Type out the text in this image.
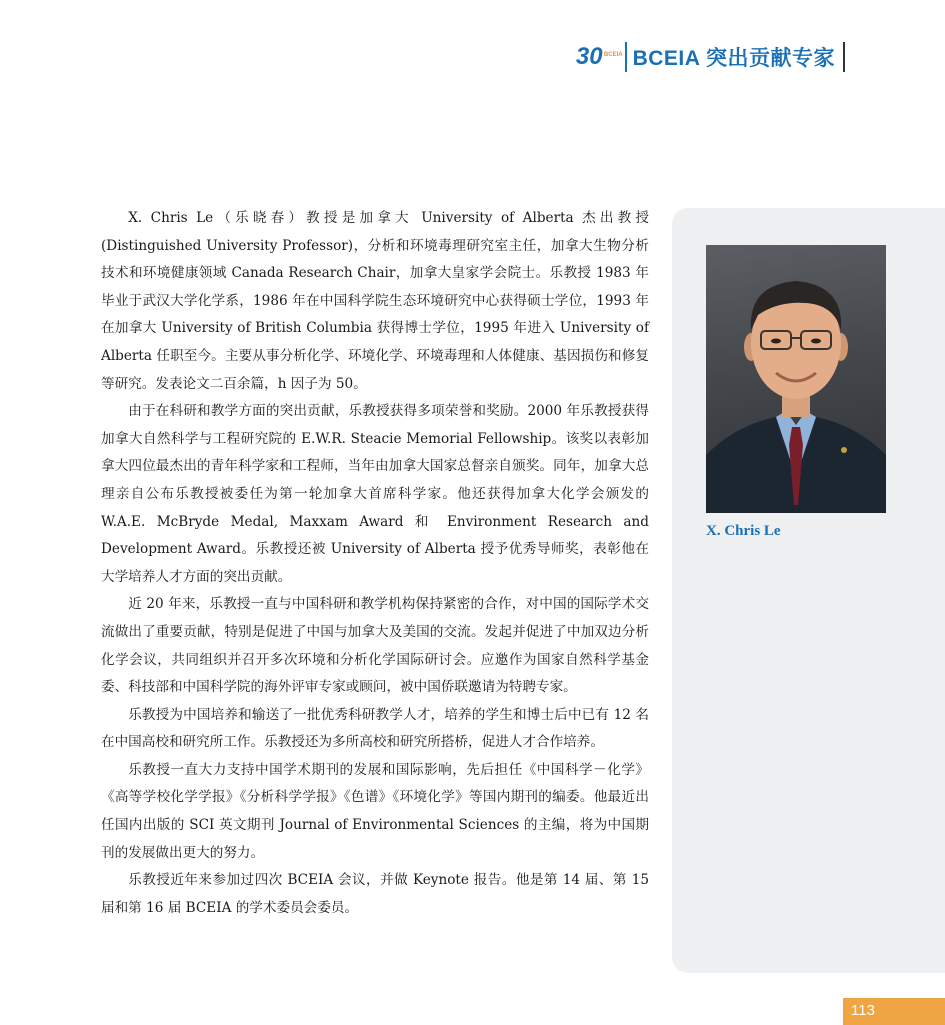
30 BCEIA BCEIA 突出贡献专家

X. Chris Le（乐晓春）教授是加拿大 University of Alberta 杰出教授 (Distinguished University Professor)，分析和环境毒理研究室主任，加拿大生物分析技术和环境健康领域 Canada Research Chair，加拿大皇家学会院士。乐教授 1983 年毕业于武汉大学化学系，1986 年在中国科学院生态环境研究中心获得硕士学位，1993 年在加拿大 University of British Columbia 获得博士学位，1995 年进入 University of Alberta 任职至今。主要从事分析化学、环境化学、环境毒理和人体健康、基因损伤和修复等研究。发表论文二百余篇，h 因子为 50。

由于在科研和教学方面的突出贡献，乐教授获得多项荣誉和奖励。2000 年乐教授获得加拿大自然科学与工程研究院的 E.W.R. Steacie Memorial Fellowship。该奖以表彰加拿大四位最杰出的青年科学家和工程师，当年由加拿大国家总督亲自颁奖。同年，加拿大总理亲自公布乐教授被委任为第一轮加拿大首席科学家。他还获得加拿大化学会颁发的 W.A.E. McBryde Medal, Maxxam Award 和 Environment Research and Development Award。乐教授还被 University of Alberta 授予优秀导师奖，表彰他在大学培养人才方面的突出贡献。

近 20 年来，乐教授一直与中国科研和教学机构保持紧密的合作，对中国的国际学术交流做出了重要贡献，特别是促进了中国与加拿大及美国的交流。发起并促进了中加双边分析化学会议，共同组织并召开多次环境和分析化学国际研讨会。应邀作为国家自然科学基金委、科技部和中国科学院的海外评审专家或顾问，被中国侨联邀请为特聘专家。

乐教授为中国培养和输送了一批优秀科研教学人才，培养的学生和博士后中已有 12 名在中国高校和研究所工作。乐教授还为多所高校和研究所搭桥，促进人才合作培养。

乐教授一直大力支持中国学术期刊的发展和国际影响，先后担任《中国科学－化学》《高等学校化学学报》《分析科学学报》《色谱》《环境化学》等国内期刊的编委。他最近出任国内出版的 SCI 英文期刊 Journal of Environmental Sciences 的主编，将为中国期刊的发展做出更大的努力。

乐教授近年来参加过四次 BCEIA 会议，并做 Keynote 报告。他是第 14 届、第 15 届和第 16 届 BCEIA 的学术委员会委员。

X. Chris Le
113
